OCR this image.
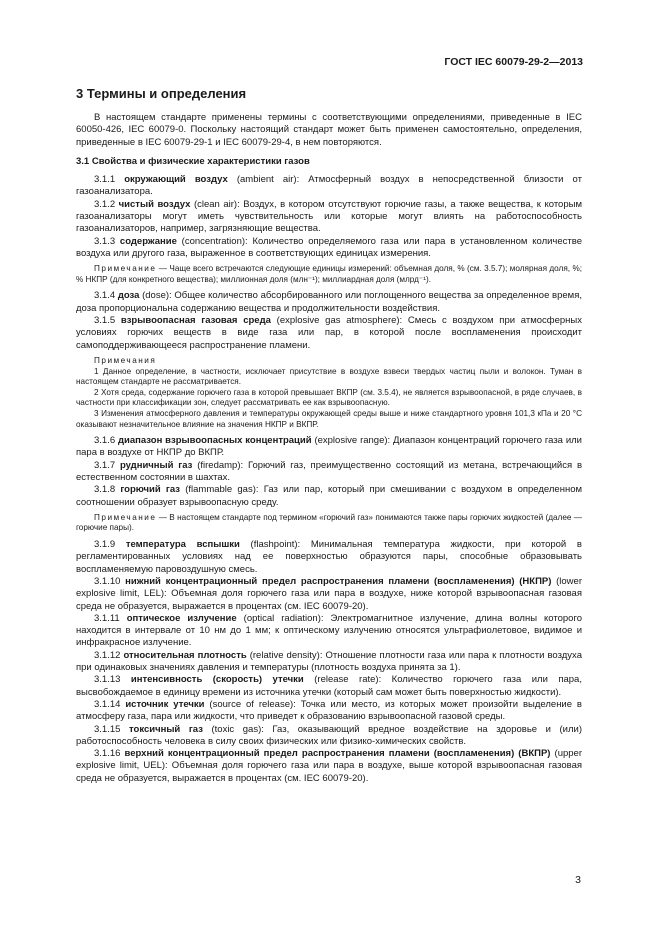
ГОСТ IEC 60079-29-2—2013
3 Термины и определения

В настоящем стандарте применены термины с соответствующими определениями, приведенные в IEC 60050-426, IEC 60079-0. Поскольку настоящий стандарт может быть применен самостоятельно, определения, приведенные в IEC 60079-29-1 и IEC 60079-29-4, в нем повторяются.

3.1 Свойства и физические характеристики газов

3.1.1 окружающий воздух (ambient air): Атмосферный воздух в непосредственной близости от газоанализатора.

3.1.2 чистый воздух (clean air): Воздух, в котором отсутствуют горючие газы, а также вещества, к которым газоанализаторы могут иметь чувствительность или которые могут влиять на работоспособность газоанализаторов, например, загрязняющие вещества.

3.1.3 содержание (concentration): Количество определяемого газа или пара в установленном количестве воздуха или другого газа, выраженное в соответствующих единицах измерения.

Примечание — Чаще всего встречаются следующие единицы измерений: объемная доля, % (см. 3.5.7); молярная доля, %; % НКПР (для конкретного вещества); миллионная доля (млн⁻¹); миллиардная доля (млрд⁻¹).

3.1.4 доза (dose): Общее количество абсорбированного или поглощенного вещества за определенное время, доза пропорциональна содержанию вещества и продолжительности воздействия.

3.1.5 взрывоопасная газовая среда (explosive gas atmosphere): Смесь с воздухом при атмосферных условиях горючих веществ в виде газа или пар, в которой после воспламенения происходит самоподдерживающееся распространение пламени.

Примечания

1 Данное определение, в частности, исключает присутствие в воздухе взвеси твердых частиц пыли и волокон. Туман в настоящем стандарте не рассматривается.

2 Хотя среда, содержание горючего газа в которой превышает ВКПР (см. 3.5.4), не является взрывоопасной, в ряде случаев, в частности при классификации зон, следует рассматривать ее как взрывоопасную.

3 Изменения атмосферного давления и температуры окружающей среды выше и ниже стандартного уровня 101,3 кПа и 20 °С оказывают незначительное влияние на значения НКПР и ВКПР.

3.1.6 диапазон взрывоопасных концентраций (explosive range): Диапазон концентраций горючего газа или пара в воздухе от НКПР до ВКПР.

3.1.7 рудничный газ (firedamp): Горючий газ, преимущественно состоящий из метана, встречающийся в естественном состоянии в шахтах.

3.1.8 горючий газ (flammable gas): Газ или пар, который при смешивании с воздухом в определенном соотношении образует взрывоопасную среду.

Примечание — В настоящем стандарте под термином «горючий газ» понимаются также пары горючих жидкостей (далее — горючие пары).

3.1.9 температура вспышки (flashpoint): Минимальная температура жидкости, при которой в регламентированных условиях над ее поверхностью образуются пары, способные образовывать воспламеняемую паровоздушную смесь.

3.1.10 нижний концентрационный предел распространения пламени (воспламенения) (НКПР) (lower explosive limit, LEL): Объемная доля горючего газа или пара в воздухе, ниже которой взрывоопасная газовая среда не образуется, выражается в процентах (см. IEC 60079-20).

3.1.11 оптическое излучение (optical radiation): Электромагнитное излучение, длина волны которого находится в интервале от 10 нм до 1 мм; к оптическому излучению относятся ультрафиолетовое, видимое и инфракрасное излучение.

3.1.12 относительная плотность (relative density): Отношение плотности газа или пара к плотности воздуха при одинаковых значениях давления и температуры (плотность воздуха принята за 1).

3.1.13 интенсивность (скорость) утечки (release rate): Количество горючего газа или пара, высвобождаемое в единицу времени из источника утечки (который сам может быть поверхностью жидкости).

3.1.14 источник утечки (source of release): Точка или место, из которых может произойти выделение в атмосферу газа, пара или жидкости, что приведет к образованию взрывоопасной газовой среды.

3.1.15 токсичный газ (toxic gas): Газ, оказывающий вредное воздействие на здоровье и (или) работоспособность человека в силу своих физических или физико-химических свойств.

3.1.16 верхний концентрационный предел распространения пламени (воспламенения) (ВКПР) (upper explosive limit, UEL): Объемная доля горючего газа или пара в воздухе, выше которой взрывоопасная газовая среда не образуется, выражается в процентах (см. IEC 60079-20).

3
